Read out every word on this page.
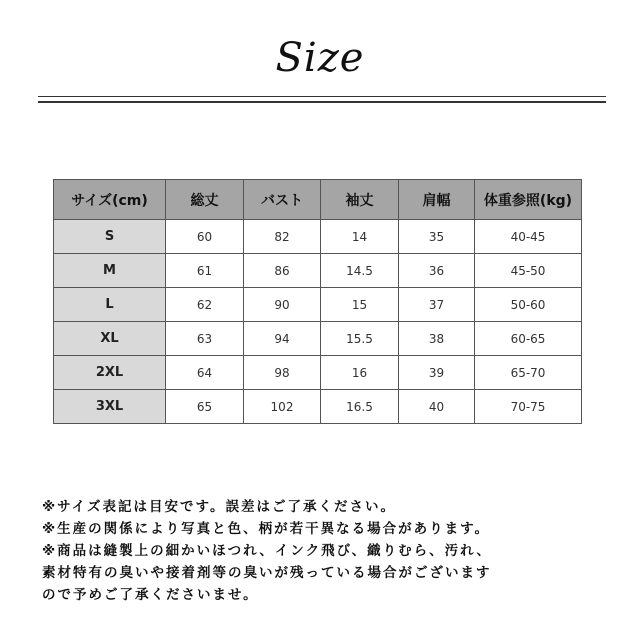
Size
サイズ(cm)	総丈	バスト	袖丈	肩幅	体重参照(kg)
S	60	82	14	35	40-45
M	61	86	14.5	36	45-50
L	62	90	15	37	50-60
XL	63	94	15.5	38	60-65
2XL	64	98	16	39	65-70
3XL	65	102	16.5	40	70-75
※サイズ表記は目安です。誤差はご了承ください。
※生産の関係により写真と色、柄が若干異なる場合があります。
※商品は縫製上の細かいほつれ、インク飛び、織りむら、汚れ、
素材特有の臭いや接着剤等の臭いが残っている場合がございます
ので予めご了承くださいませ。
